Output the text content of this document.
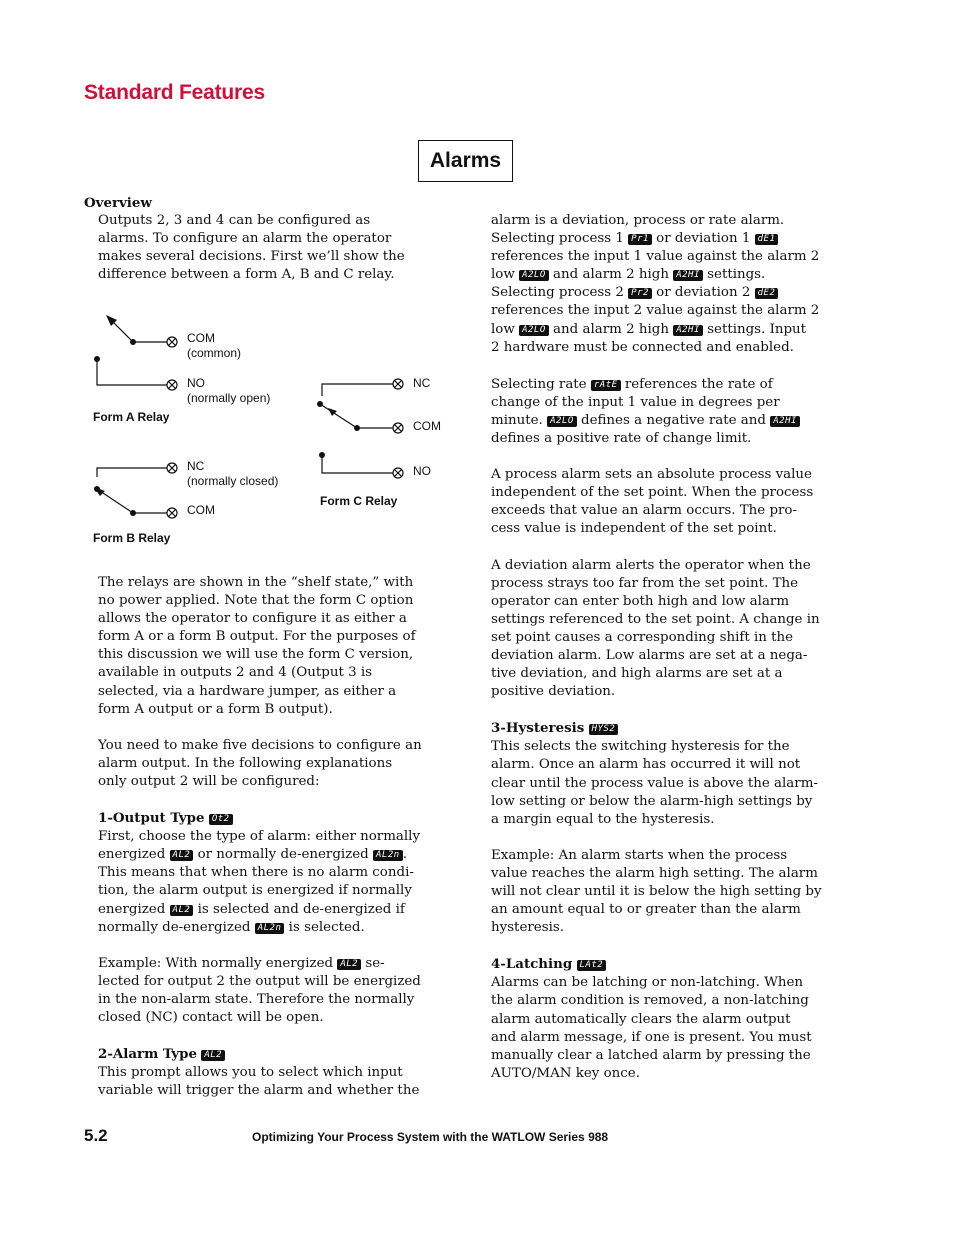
Standard Features
Alarms
Overview
Outputs 2, 3 and 4 can be configured as
alarms. To configure an alarm the operator
makes several decisions. First we’ll show the
difference between a form A, B and C relay.
COM
(common)
NO
(normally open)
Form A Relay
NC
(normally closed)
COM
Form B Relay
NC
COM
NO
Form C Relay
The relays are shown in the “shelf state,” with
no power applied. Note that the form C option
allows the operator to configure it as either a
form A or a form B output. For the purposes of
this discussion we will use the form C version,
available in outputs 2 and 4 (Output 3 is
selected, via a hardware jumper, as either a
form A output or a form B output).
You need to make five decisions to configure an
alarm output. In the following explanations
only output 2 will be configured:
1-Output Type Ot2
First, choose the type of alarm: either normally
energized AL2 or normally de-energized AL2n .
This means that when there is no alarm condi-
tion, the alarm output is energized if normally
energized AL2 is selected and de-energized if
normally de-energized AL2n is selected.
Example: With normally energized AL2 se-
lected for output 2 the output will be energized
in the non-alarm state. Therefore the normally
closed (NC) contact will be open.
2-Alarm Type AL2
This prompt allows you to select which input
variable will trigger the alarm and whether the
alarm is a deviation, process or rate alarm.
Selecting process 1 Pr1 or deviation 1 dE1
references the input 1 value against the alarm 2
low A2LO and alarm 2 high A2HI settings.
Selecting process 2 Pr2 or deviation 2 dE2
references the input 2 value against the alarm 2
low A2LO and alarm 2 high A2HI settings. Input
2 hardware must be connected and enabled.
Selecting rate rAtE references the rate of
change of the input 1 value in degrees per
minute. A2LO defines a negative rate and A2HI
defines a positive rate of change limit.
A process alarm sets an absolute process value
independent of the set point. When the process
exceeds that value an alarm occurs. The pro-
cess value is independent of the set point.
A deviation alarm alerts the operator when the
process strays too far from the set point. The
operator can enter both high and low alarm
settings referenced to the set point. A change in
set point causes a corresponding shift in the
deviation alarm. Low alarms are set at a nega-
tive deviation, and high alarms are set at a
positive deviation.
3-Hysteresis HYS2
This selects the switching hysteresis for the
alarm. Once an alarm has occurred it will not
clear until the process value is above the alarm-
low setting or below the alarm-high settings by
a margin equal to the hysteresis.
Example: An alarm starts when the process
value reaches the alarm high setting. The alarm
will not clear until it is below the high setting by
an amount equal to or greater than the alarm
hysteresis.
4-Latching LAt2
Alarms can be latching or non-latching. When
the alarm condition is removed, a non-latching
alarm automatically clears the alarm output
and alarm message, if one is present. You must
manually clear a latched alarm by pressing the
AUTO/MAN key once.
5.2	Optimizing Your Process System with the WATLOW Series 988
